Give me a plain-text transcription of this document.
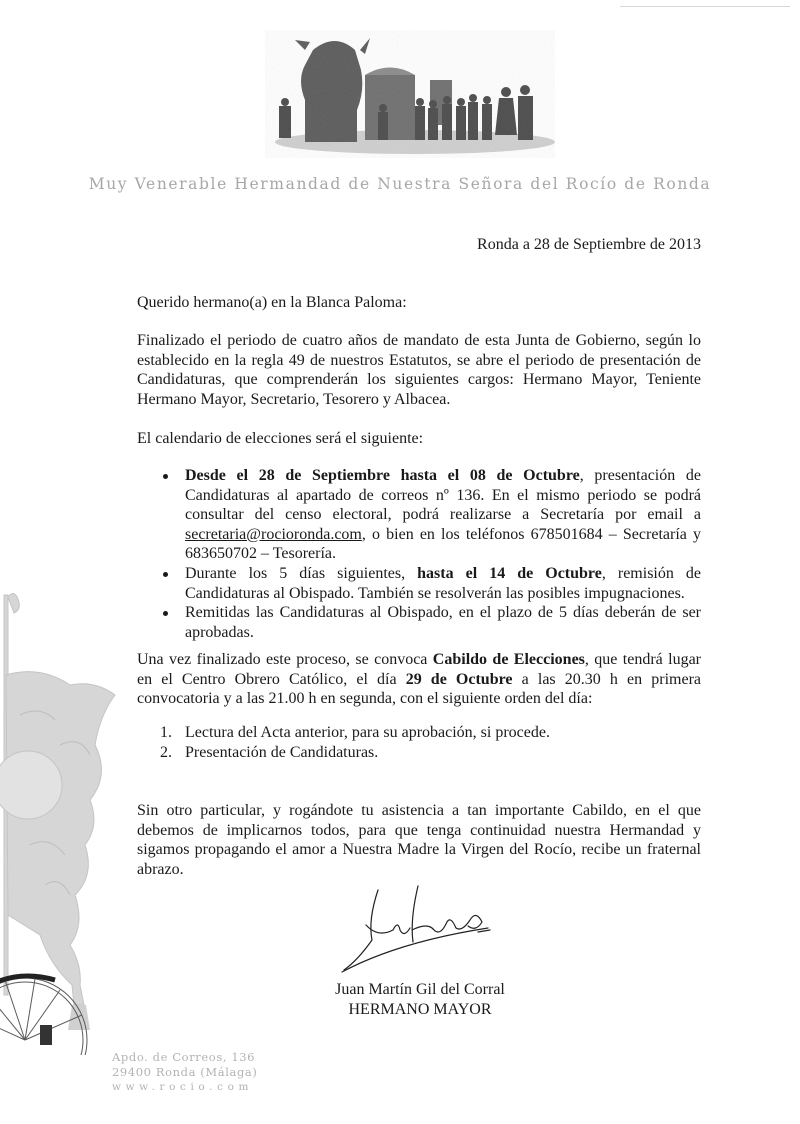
Muy Venerable Hermandad de Nuestra Señora del Rocío de Ronda
Ronda a 28 de Septiembre de 2013
Querido hermano(a) en la Blanca Paloma:
Finalizado el periodo de cuatro años de mandato de esta Junta de Gobierno, según lo establecido en la regla 49 de nuestros Estatutos, se abre el periodo de presentación de Candidaturas, que comprenderán los siguientes cargos: Hermano Mayor, Teniente Hermano Mayor, Secretario, Tesorero y Albacea.
El calendario de elecciones será el siguiente:
Desde el 28 de Septiembre hasta el 08 de Octubre, presentación de Candidaturas al apartado de correos nº 136. En el mismo periodo se podrá consultar del censo electoral, podrá realizarse a Secretaría por email a secretaria@rocioronda.com, o bien en los teléfonos 678501684 – Secretaría y 683650702 – Tesorería.
Durante los 5 días siguientes, hasta el 14 de Octubre, remisión de Candidaturas al Obispado. También se resolverán las posibles impugnaciones.
Remitidas las Candidaturas al Obispado, en el plazo de 5 días deberán de ser aprobadas.
Una vez finalizado este proceso, se convoca Cabildo de Elecciones, que tendrá lugar en el Centro Obrero Católico, el día 29 de Octubre a las 20.30 h en primera convocatoria y a las 21.00 h en segunda, con el siguiente orden del día:
1. Lectura del Acta anterior, para su aprobación, si procede.
2. Presentación de Candidaturas.
Sin otro particular, y rogándote tu asistencia a tan importante Cabildo, en el que debemos de implicarnos todos, para que tenga continuidad nuestra Hermandad y sigamos propagando el amor a Nuestra Madre la Virgen del Rocío, recibe un fraternal abrazo.
Juan Martín Gil del Corral
HERMANO MAYOR
Apdo. de Correos, 136
29400 Ronda (Málaga)
www.rocio.com
